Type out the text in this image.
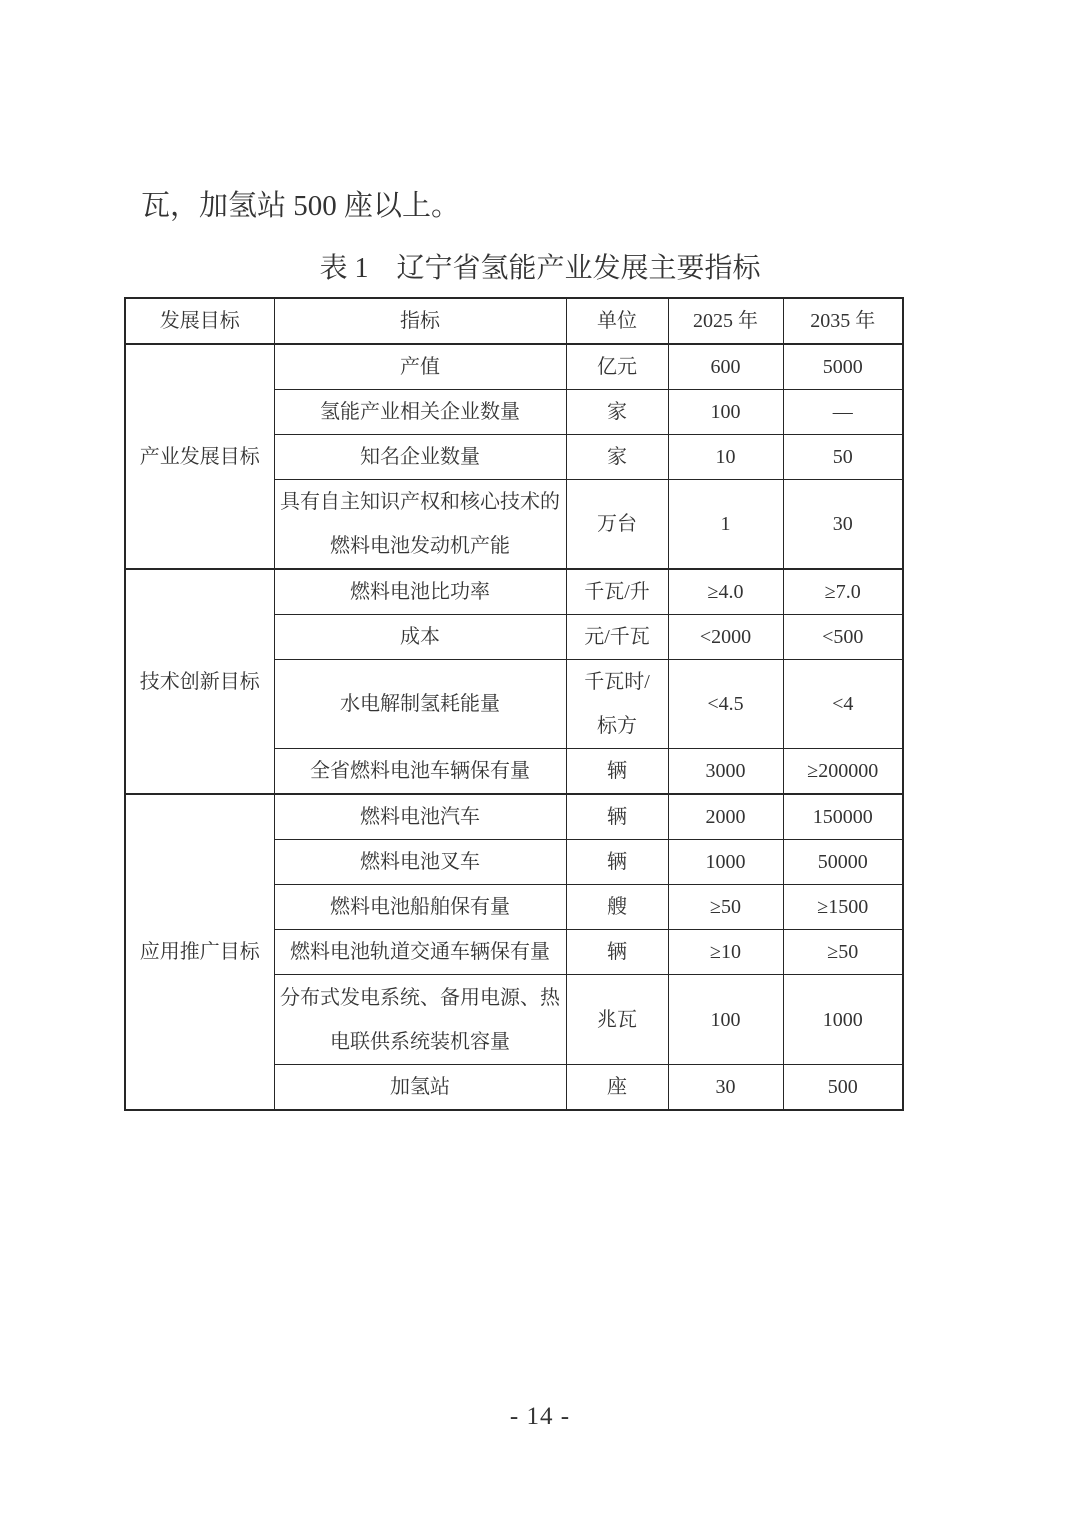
瓦，加氢站 500 座以上。

表 1　辽宁省氢能产业发展主要指标
发展目标	指标	单位	2025 年	2035 年
产业发展目标	产值	亿元	600	5000
	氢能产业相关企业数量	家	100	—
	知名企业数量	家	10	50
	具有自主知识产权和核心技术的燃料电池发动机产能	万台	1	30
技术创新目标	燃料电池比功率	千瓦/升	≥4.0	≥7.0
	成本	元/千瓦	<2000	<500
	水电解制氢耗能量	千瓦时/标方	<4.5	<4
	全省燃料电池车辆保有量	辆	3000	≥200000
应用推广目标	燃料电池汽车	辆	2000	150000
	燃料电池叉车	辆	1000	50000
	燃料电池船舶保有量	艘	≥50	≥1500
	燃料电池轨道交通车辆保有量	辆	≥10	≥50
	分布式发电系统、备用电源、热电联供系统装机容量	兆瓦	100	1000
	加氢站	座	30	500
- 14 -
